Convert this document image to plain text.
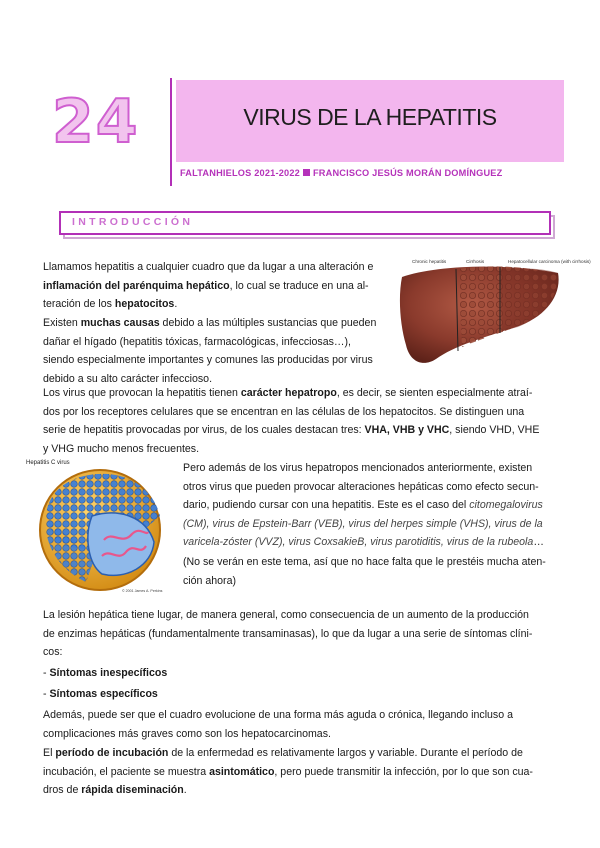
24	VIRUS DE LA HEPATITIS
FALTANHIELOS 2021-2022 FRANCISCO JESÚS MORÁN DOMÍNGUEZ
INTRODUCCIÓN
Llamamos hepatitis a cualquier cuadro que da lugar a una alteración e
inflamación del parénquima hepático, lo cual se traduce en una al-
teración de los hepatocitos.
Existen muchas causas debido a las múltiples sustancias que pueden
dañar el hígado (hepatitis tóxicas, farmacológicas, infecciosas…),
siendo especialmente importantes y comunes las producidas por virus
debido a su alto carácter infeccioso.
Chronic hepatitis	Cirrhosis	Hepatocellular carcinoma (with cirrhosis)
Los virus que provocan la hepatitis tienen carácter hepatropo, es decir, se sienten especialmente atraí-
dos por los receptores celulares que se encentran en las células de los hepatocitos. Se distinguen una
serie de hepatitis provocadas por virus, de los cuales destacan tres: VHA, VHB y VHC, siendo VHD, VHE
y VHG mucho menos frecuentes.
Hepatitis C virus
© 2001 James A. Perkins
Pero además de los virus hepatropos mencionados anteriormente, existen
otros virus que pueden provocar alteraciones hepáticas como efecto secun-
dario, pudiendo cursar con una hepatitis. Este es el caso del citomegalovirus
(CM), virus de Epstein-Barr (VEB), virus del herpes simple (VHS), virus de la
varicela-zóster (VVZ), virus CoxsakieB, virus parotiditis, virus de la rubeola…
(No se verán en este tema, así que no hace falta que le prestéis mucha aten-
ción ahora)
La lesión hepática tiene lugar, de manera general, como consecuencia de un aumento de la producción
de enzimas hepáticas (fundamentalmente transaminasas), lo que da lugar a una serie de síntomas clíni-
cos:
- Síntomas inespecíficos
- Síntomas específicos
Además, puede ser que el cuadro evolucione de una forma más aguda o crónica, llegando incluso a
complicaciones más graves como son los hepatocarcinomas.
El período de incubación de la enfermedad es relativamente largos y variable. Durante el período de
incubación, el paciente se muestra asintomático, pero puede transmitir la infección, por lo que son cua-
dros de rápida diseminación.
